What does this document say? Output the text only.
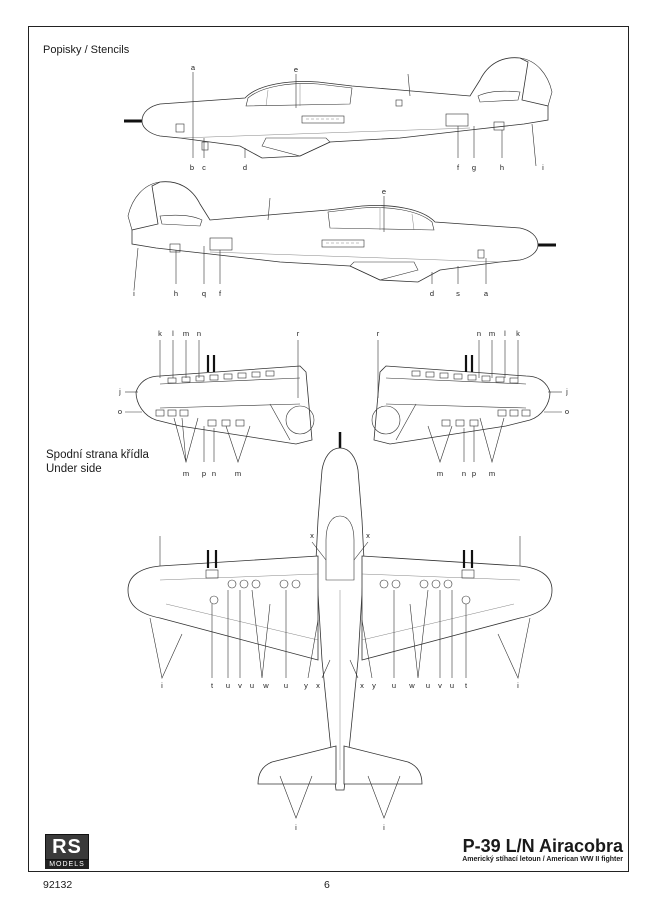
Popisky / Stencils
Spodní strana křídla
Under side
a	e
b c	d	f g	h	i
e
i	h	q f	d	s	a
k l m n	r
j
o
m p n	m
r	n m l k
j
o
m	n p m
x	x
i	t u v u w u y x	x y u w u v u t	i
i	i
RS
MODELS
92132	6
P-39 L/N Airacobra
Americký stíhací letoun / American WW II fighter
